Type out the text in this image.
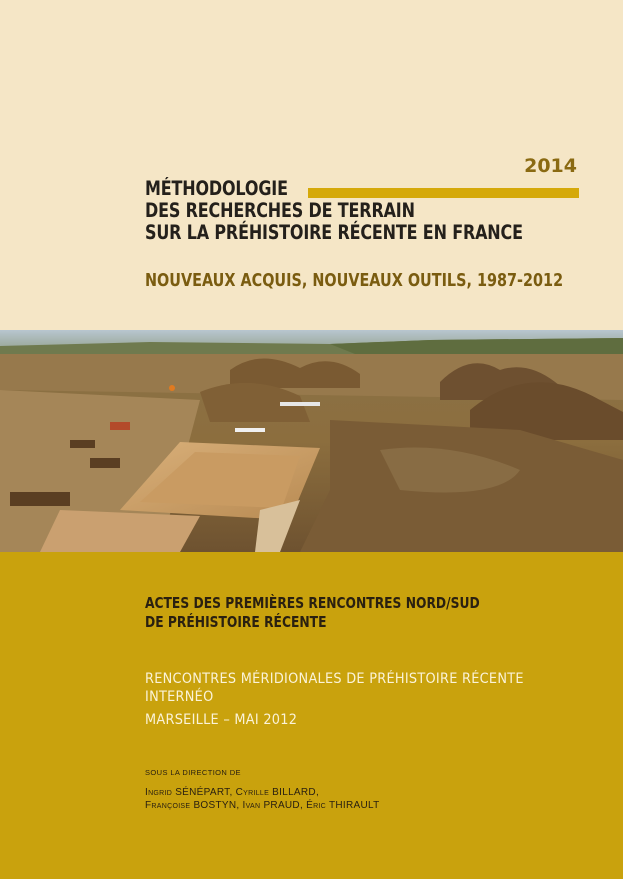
2014
MÉTHODOLOGIE
DES RECHERCHES DE TERRAIN
SUR LA PRÉHISTOIRE RÉCENTE EN FRANCE
NOUVEAUX ACQUIS, NOUVEAUX OUTILS, 1987-2012
ACTES DES PREMIÈRES RENCONTRES NORD/SUD
DE PRÉHISTOIRE RÉCENTE
RENCONTRES MÉRIDIONALES DE PRÉHISTOIRE RÉCENTE
INTERNÉO
MARSEILLE – MAI 2012
SOUS LA DIRECTION DE
Ingrid SÉNÉPART, Cyrille BILLARD,
Françoise BOSTYN, Ivan PRAUD, Éric THIRAULT
